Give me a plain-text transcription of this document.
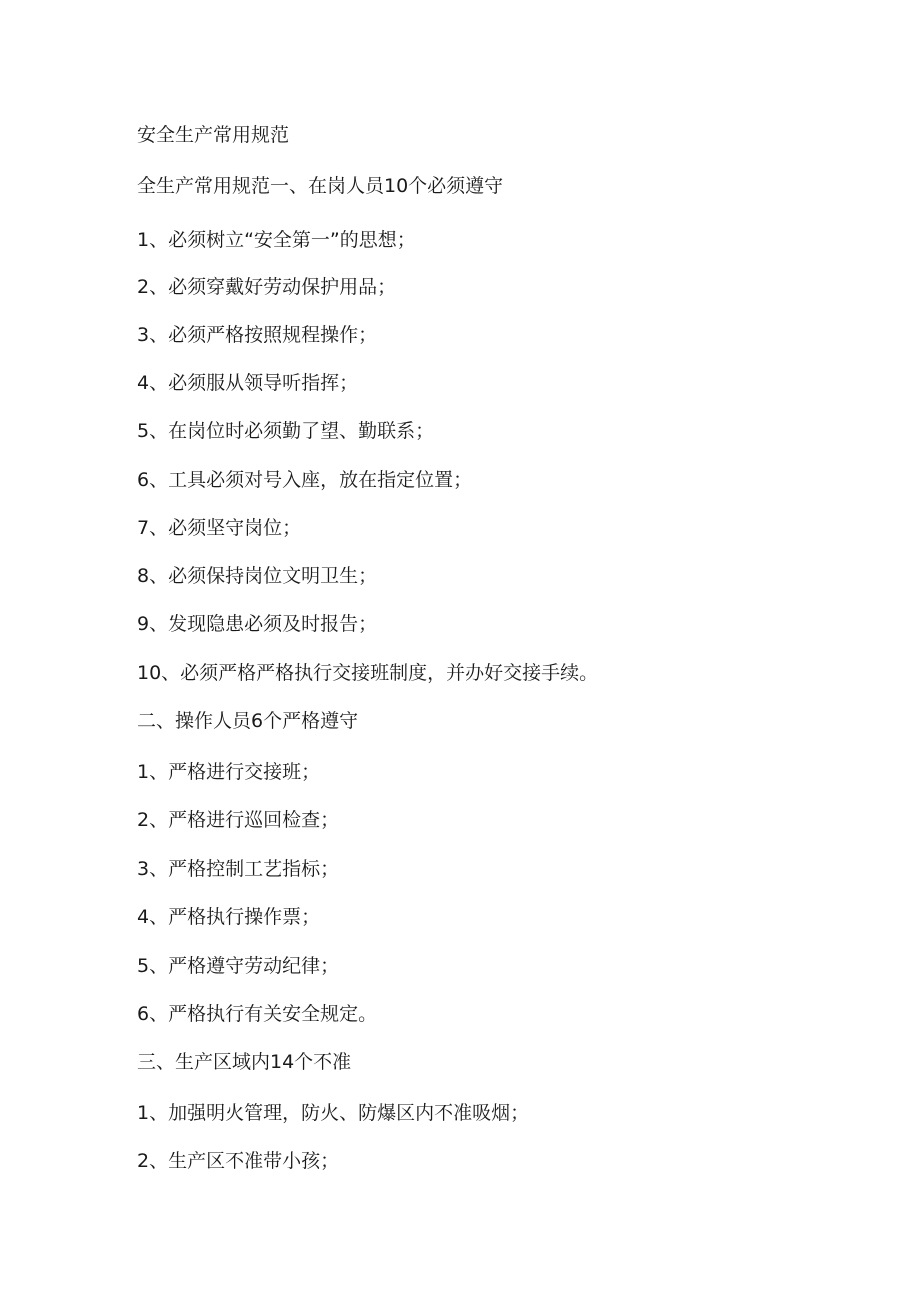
安全生产常用规范
全生产常用规范一、在岗人员10个必须遵守

1、必须树立“安全第一”的思想；

2、必须穿戴好劳动保护用品；

3、必须严格按照规程操作；

4、必须服从领导听指挥；

5、在岗位时必须勤了望、勤联系；

6、工具必须对号入座，放在指定位置；

7、必须坚守岗位；

8、必须保持岗位文明卫生；

9、发现隐患必须及时报告；

10、必须严格严格执行交接班制度，并办好交接手续。

二、操作人员6个严格遵守

1、严格进行交接班；

2、严格进行巡回检查；

3、严格控制工艺指标；

4、严格执行操作票；

5、严格遵守劳动纪律；

6、严格执行有关安全规定。

三、生产区域内14个不准

1、加强明火管理，防火、防爆区内不准吸烟；

2、生产区不准带小孩；
